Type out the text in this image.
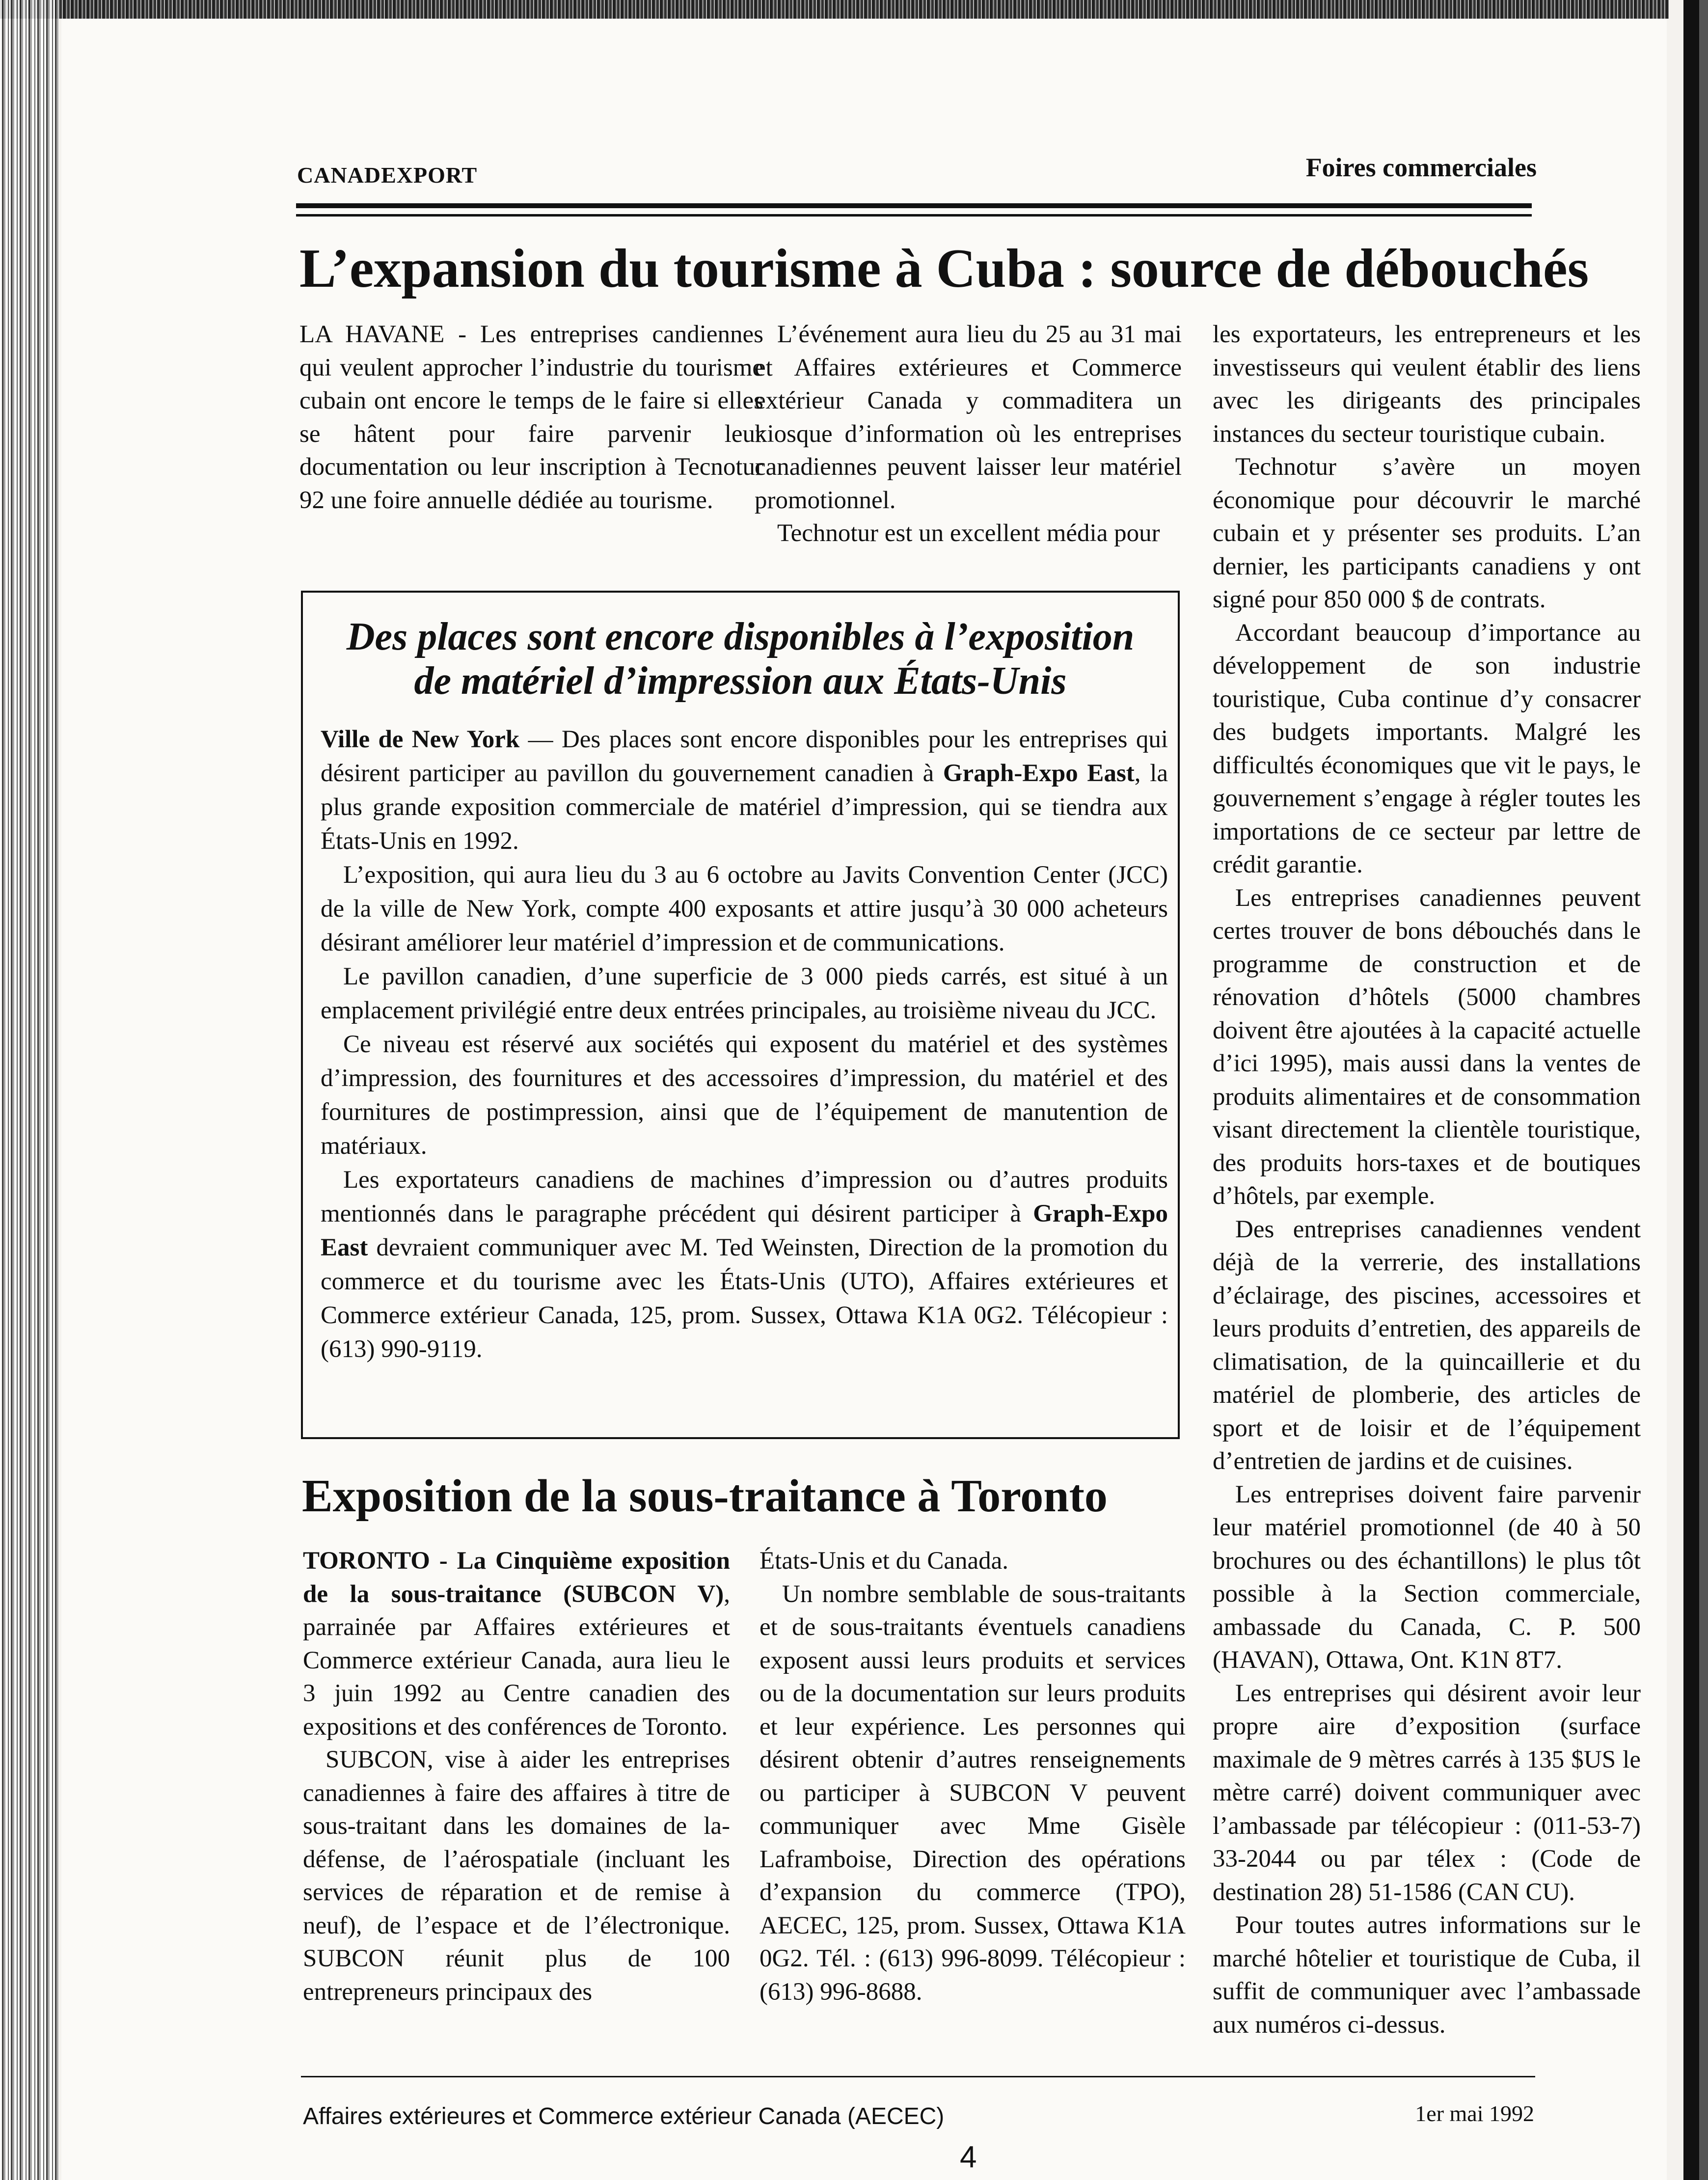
CANADEXPORT	Foires commerciales
L’expansion du tourisme à Cuba : source de débouchés

LA HAVANE - Les entreprises candiennes qui veulent approcher l’industrie du tourisme cubain ont encore le temps de le faire si elles se hâtent pour faire parvenir leur documentation ou leur inscription à Tecnotur 92 une foire annuelle dédiée au tourisme.

L’événement aura lieu du 25 au 31 mai et Affaires extérieures et Commerce extérieur Canada y commaditera un kiosque d’information où les entreprises canadiennes peuvent laisser leur matériel promotionnel.

Technotur est un excellent média pour

les exportateurs, les entrepreneurs et les investisseurs qui veulent établir des liens avec les dirigeants des principales instances du secteur touristique cubain.

Technotur s’avère un moyen économique pour découvrir le marché cubain et y présenter ses produits. L’an dernier, les participants canadiens y ont signé pour 850 000 $ de contrats.

Accordant beaucoup d’importance au développement de son industrie touristique, Cuba continue d’y consacrer des budgets importants. Malgré les difficultés économiques que vit le pays, le gouvernement s’engage à régler toutes les importations de ce secteur par lettre de crédit garantie.

Les entreprises canadiennes peuvent certes trouver de bons débouchés dans le programme de construction et de rénovation d’hôtels (5000 chambres doivent être ajoutées à la capacité actuelle d’ici 1995), mais aussi dans la ventes de produits alimentaires et de consommation visant directement la clientèle touristique, des produits hors-taxes et de boutiques d’hôtels, par exemple.

Des entreprises canadiennes vendent déjà de la verrerie, des installations d’éclairage, des piscines, accessoires et leurs produits d’entretien, des appareils de climatisation, de la quincaillerie et du matériel de plomberie, des articles de sport et de loisir et de l’équipement d’entretien de jardins et de cuisines.

Les entreprises doivent faire parvenir leur matériel promotionnel (de 40 à 50 brochures ou des échantillons) le plus tôt possible à la Section commerciale, ambassade du Canada, C. P. 500 (HAVAN), Ottawa, Ont. K1N 8T7.

Les entreprises qui désirent avoir leur propre aire d’exposition (surface maximale de 9 mètres carrés à 135 $US le mètre carré) doivent communiquer avec l’ambassade par télécopieur : (011-53-7) 33-2044 ou par télex : (Code de destination 28) 51-1586 (CAN CU).

Pour toutes autres informations sur le marché hôtelier et touristique de Cuba, il suffit de communiquer avec l’ambassade aux numéros ci-dessus.

Des places sont encore disponibles à l’exposition
de matériel d’impression aux États-Unis

Ville de New York — Des places sont encore disponibles pour les entreprises qui désirent participer au pavillon du gouvernement canadien à Graph-Expo East, la plus grande exposition commerciale de matériel d’impression, qui se tiendra aux États-Unis en 1992.

L’exposition, qui aura lieu du 3 au 6 octobre au Javits Convention Center (JCC) de la ville de New York, compte 400 exposants et attire jusqu’à 30 000 acheteurs désirant améliorer leur matériel d’impression et de communications.

Le pavillon canadien, d’une superficie de 3 000 pieds carrés, est situé à un emplacement privilégié entre deux entrées principales, au troisième niveau du JCC.

Ce niveau est réservé aux sociétés qui exposent du matériel et des systèmes d’impression, des fournitures et des accessoires d’impression, du matériel et des fournitures de postimpression, ainsi que de l’équipement de manutention de matériaux.

Les exportateurs canadiens de machines d’impression ou d’autres produits mentionnés dans le paragraphe précédent qui désirent participer à Graph-Expo East devraient communiquer avec M. Ted Weinsten, Direction de la promotion du commerce et du tourisme avec les États-Unis (UTO), Affaires extérieures et Commerce extérieur Canada, 125, prom. Sussex, Ottawa K1A 0G2. Télécopieur : (613) 990-9119.

Exposition de la sous-traitance à Toronto

TORONTO - La Cinquième exposition de la sous-traitance (SUBCON V), parrainée par Affaires extérieures et Commerce extérieur Canada, aura lieu le 3 juin 1992 au Centre canadien des expositions et des conférences de Toronto.

SUBCON, vise à aider les entreprises canadiennes à faire des affaires à titre de sous-traitant dans les domaines de la-défense, de l’aérospatiale (incluant les services de réparation et de remise à neuf), de l’espace et de l’électronique. SUBCON réunit plus de 100 entrepreneurs principaux des

États-Unis et du Canada.

Un nombre semblable de sous-traitants et de sous-traitants éventuels canadiens exposent aussi leurs produits et services ou de la documentation sur leurs produits et leur expérience. Les personnes qui désirent obtenir d’autres renseignements ou participer à SUBCON V peuvent communiquer avec Mme Gisèle Laframboise, Direction des opérations d’expansion du commerce (TPO), AECEC, 125, prom. Sussex, Ottawa K1A 0G2. Tél. : (613) 996-8099. Télécopieur : (613) 996-8688.

Affaires extérieures et Commerce extérieur Canada (AECEC)	1er mai 1992
4
